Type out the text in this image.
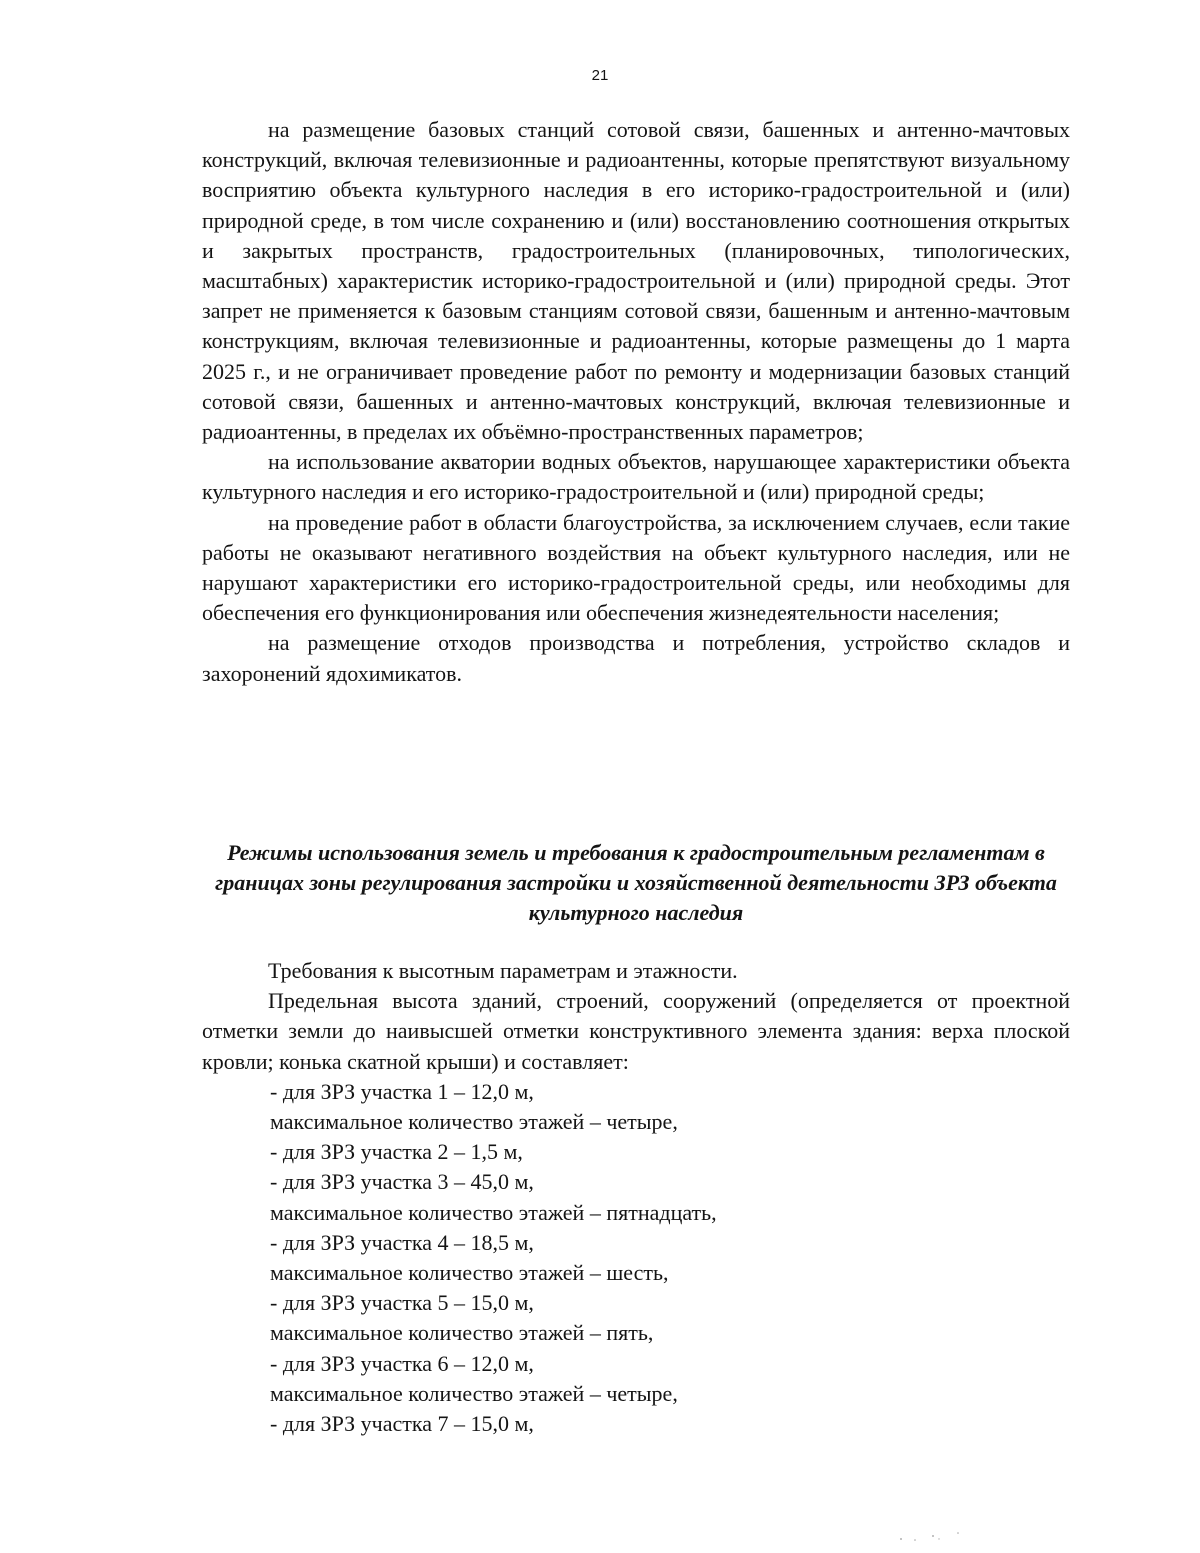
21

на размещение базовых станций сотовой связи, башенных и антенно-мачтовых конструкций, включая телевизионные и радиоантенны, которые препятствуют визуальному восприятию объекта культурного наследия в его историко-градостроительной и (или) природной среде, в том числе сохранению и (или) восстановлению соотношения открытых и закрытых пространств, градостроительных (планировочных, типологических, масштабных) характеристик историко-градостроительной и (или) природной среды. Этот запрет не применяется к базовым станциям сотовой связи, башенным и антенно-мачтовым конструкциям, включая телевизионные и радиоантенны, которые размещены до 1 марта 2025 г., и не ограничивает проведение работ по ремонту и модернизации базовых станций сотовой связи, башенных и антенно-мачтовых конструкций, включая телевизионные и радиоантенны, в пределах их объёмно-пространственных параметров;

на использование акватории водных объектов, нарушающее характеристики объекта культурного наследия и его историко-градостроительной и (или) природной среды;

на проведение работ в области благоустройства, за исключением случаев, если такие работы не оказывают негативного воздействия на объект культурного наследия, или не нарушают характеристики его историко-градостроительной среды, или необходимы для обеспечения его функционирования или обеспечения жизнедеятельности населения;

на размещение отходов производства и потребления, устройство складов и захоронений ядохимикатов.

Режимы использования земель и требования к градостроительным регламентам в границах зоны регулирования застройки и хозяйственной деятельности ЗРЗ объекта культурного наследия

Требования к высотным параметрам и этажности.

Предельная высота зданий, строений, сооружений (определяется от проектной отметки земли до наивысшей отметки конструктивного элемента здания: верха плоской кровли; конька скатной крыши) и составляет:

- для ЗРЗ участка 1 – 12,0 м,

максимальное количество этажей – четыре,

- для ЗРЗ участка 2 – 1,5 м,

- для ЗРЗ участка 3 – 45,0 м,

максимальное количество этажей – пятнадцать,

- для ЗРЗ участка 4 – 18,5 м,

максимальное количество этажей – шесть,

- для ЗРЗ участка 5 – 15,0 м,

максимальное количество этажей – пять,

- для ЗРЗ участка 6 – 12,0 м,

максимальное количество этажей – четыре,

- для ЗРЗ участка 7 – 15,0 м,
